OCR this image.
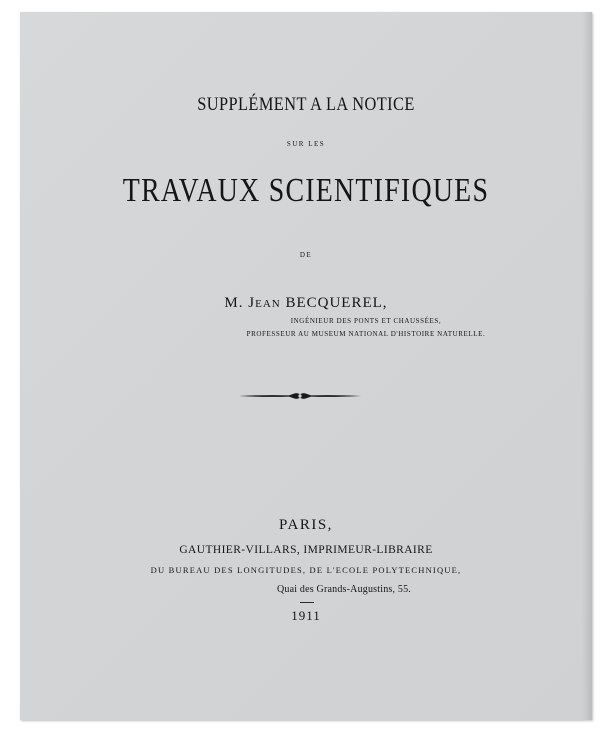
SUPPLÉMENT A LA NOTICE
SUR LES
TRAVAUX SCIENTIFIQUES
DE
M. JEAN BECQUEREL,
INGÉNIEUR DES PONTS ET CHAUSSÉES,
PROFESSEUR AU MUSEUM NATIONAL D'HISTOIRE NATURELLE.
PARIS,
GAUTHIER-VILLARS, IMPRIMEUR-LIBRAIRE
DU BUREAU DES LONGITUDES, DE L'ECOLE POLYTECHNIQUE,
Quai des Grands-Augustins, 55.
1911
